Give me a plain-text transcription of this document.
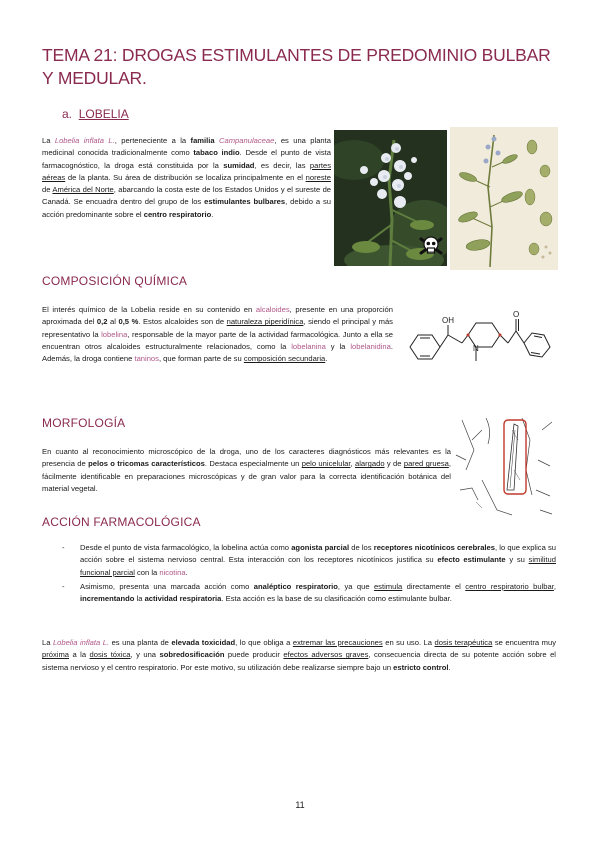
TEMA 21: DROGAS ESTIMULANTES DE PREDOMINIO BULBAR Y MEDULAR.
a. LOBELIA
La Lobelia inflata L., perteneciente a la familia Campanulaceae, es una planta medicinal conocida tradicionalmente como tabaco indio. Desde el punto de vista farmacognóstico, la droga está constituida por la sumidad, es decir, las partes aéreas de la planta. Su área de distribución se localiza principalmente en el noreste de América del Norte, abarcando la costa este de los Estados Unidos y el sureste de Canadá. Se encuadra dentro del grupo de los estimulantes bulbares, debido a su acción predominante sobre el centro respiratorio.
COMPOSICIÓN QUÍMICA
El interés químico de la Lobelia reside en su contenido en alcaloides, presente en una proporción aproximada del 0,2 al 0,5 %. Estos alcaloides son de naturaleza piperidínica, siendo el principal y más representativo la lobelina, responsable de la mayor parte de la actividad farmacológica. Junto a ella se encuentran otros alcaloides estructuralmente relacionados, como la lobelanina y la lobelanidina. Además, la droga contiene taninos, que forman parte de su composición secundaria.
OH
N
O
MORFOLOGÍA
En cuanto al reconocimiento microscópico de la droga, uno de los caracteres diagnósticos más relevantes es la presencia de pelos o tricomas característicos. Destaca especialmente un pelo unicelular, alargado y de pared gruesa, fácilmente identificable en preparaciones microscópicas y de gran valor para la correcta identificación botánica del material vegetal.
ACCIÓN FARMACOLÓGICA
- Desde el punto de vista farmacológico, la lobelina actúa como agonista parcial de los receptores nicotínicos cerebrales, lo que explica su acción sobre el sistema nervioso central. Esta interacción con los receptores nicotínicos justifica su efecto estimulante y su similitud funcional parcial con la nicotina.
- Asimismo, presenta una marcada acción como analéptico respiratorio, ya que estimula directamente el centro respiratorio bulbar, incrementando la actividad respiratoria. Esta acción es la base de su clasificación como estimulante bulbar.
La Lobelia inflata L. es una planta de elevada toxicidad, lo que obliga a extremar las precauciones en su uso. La dosis terapéutica se encuentra muy próxima a la dosis tóxica, y una sobredosificación puede producir efectos adversos graves, consecuencia directa de su potente acción sobre el sistema nervioso y el centro respiratorio. Por este motivo, su utilización debe realizarse siempre bajo un estricto control.
11
